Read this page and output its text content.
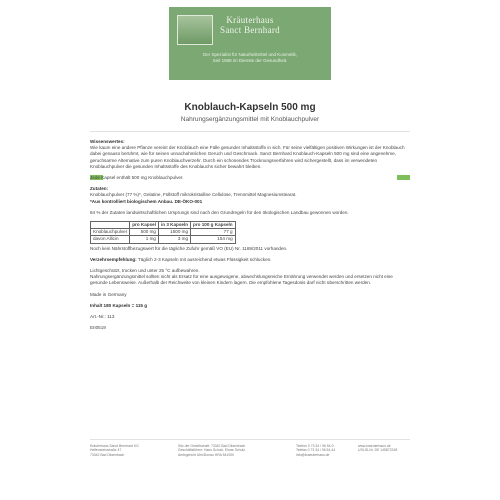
Kräuterhaus
Sanct Bernhard
Der Spezialist für Naturheilmittel und Kosmetik,
Seit 1888 im Dienste der Gesundheit.
Knoblauch-Kapseln 500 mg
Nahrungsergänzungsmittel mit Knoblauchpulver

Wissenswertes:
Wie kaum eine andere Pflanze vereint der Knoblauch eine Fülle gesunder Inhaltsstoffe in sich. Für seine vielfältigen positiven Wirkungen ist der Knoblauch dabei genauso berühmt, wie für seinen unnachahmlichen Geruch und Geschmack. Sanct Bernhard Knoblauch-Kapseln 500 mg sind eine angenehme, geruchsarme Alternative zum puren Knoblauchverzehr. Durch ein schonendes Trocknungsverfahren wird sichergestellt, dass im verwendeten Knoblauchpulver die gesunden Inhaltsstoffe des Knoblauchs sicher bewahrt bleiben.

Jede Kapsel enthält 500 mg Knoblauchpulver.

Zutaten:
Knoblauchpulver (77 %)*, Gelatine, Füllstoff mikrokristalline Cellulose, Trennmittel Magnesiumstearat.
*Aus kontrolliert biologischem Anbau. DE-ÖKO-001

84 % der Zutaten landwirtschaftlichen Ursprungs sind nach den Grundregeln für den ökologischen Landbau gewonnen worden.

	pro Kapsel	in 3 Kapseln	pro 100 g Kapseln
Knoblauchpulver	500 mg	1500 mg	77 g
davon Allicin	1 mg	3 mg	154 mg

Noch kein Nährstoffbezugswert für die tägliche Zufuhr gemäß VO (EU) Nr. 1169/2011 vorhanden.

Verzehrsempfehlung: Täglich 2-3 Kapseln mit ausreichend etwas Flüssigkeit schlucken.

Lichtgeschützt, trocken und unter 25 °C aufbewahren.

Nahrungsergänzungsmittel sollten nicht als Ersatz für eine ausgewogene, abwechslungsreiche Ernährung verwendet werden und ersetzen nicht eine gesunde Lebensweise. Außerhalb der Reichweite von kleinen Kindern lagern. Die empfohlene Tagesdosis darf nicht überschritten werden.

Made in Germany

Inhalt 180 Kapseln = 115 g

Art.-Nr.: 113

EII0519

Kräuterhaus Sanct Bernhard KG
Helfensteinstraße 47
73342 Bad Ditzenbach
Sitz der Gesellschaft: 73342 Bad Ditzenbach
Geschäftsführer: Hans Schulz, Elmar Schulz
Amtsgericht Ulm/Donau HRA 541000
Telefon 0 73 34 / 96 54-0
Telefax 0 73 34 / 96 54-44
info@kraeuterhaus.de
www.kraeuterhaus.de
USt-ID-Nr. DE 145872248
